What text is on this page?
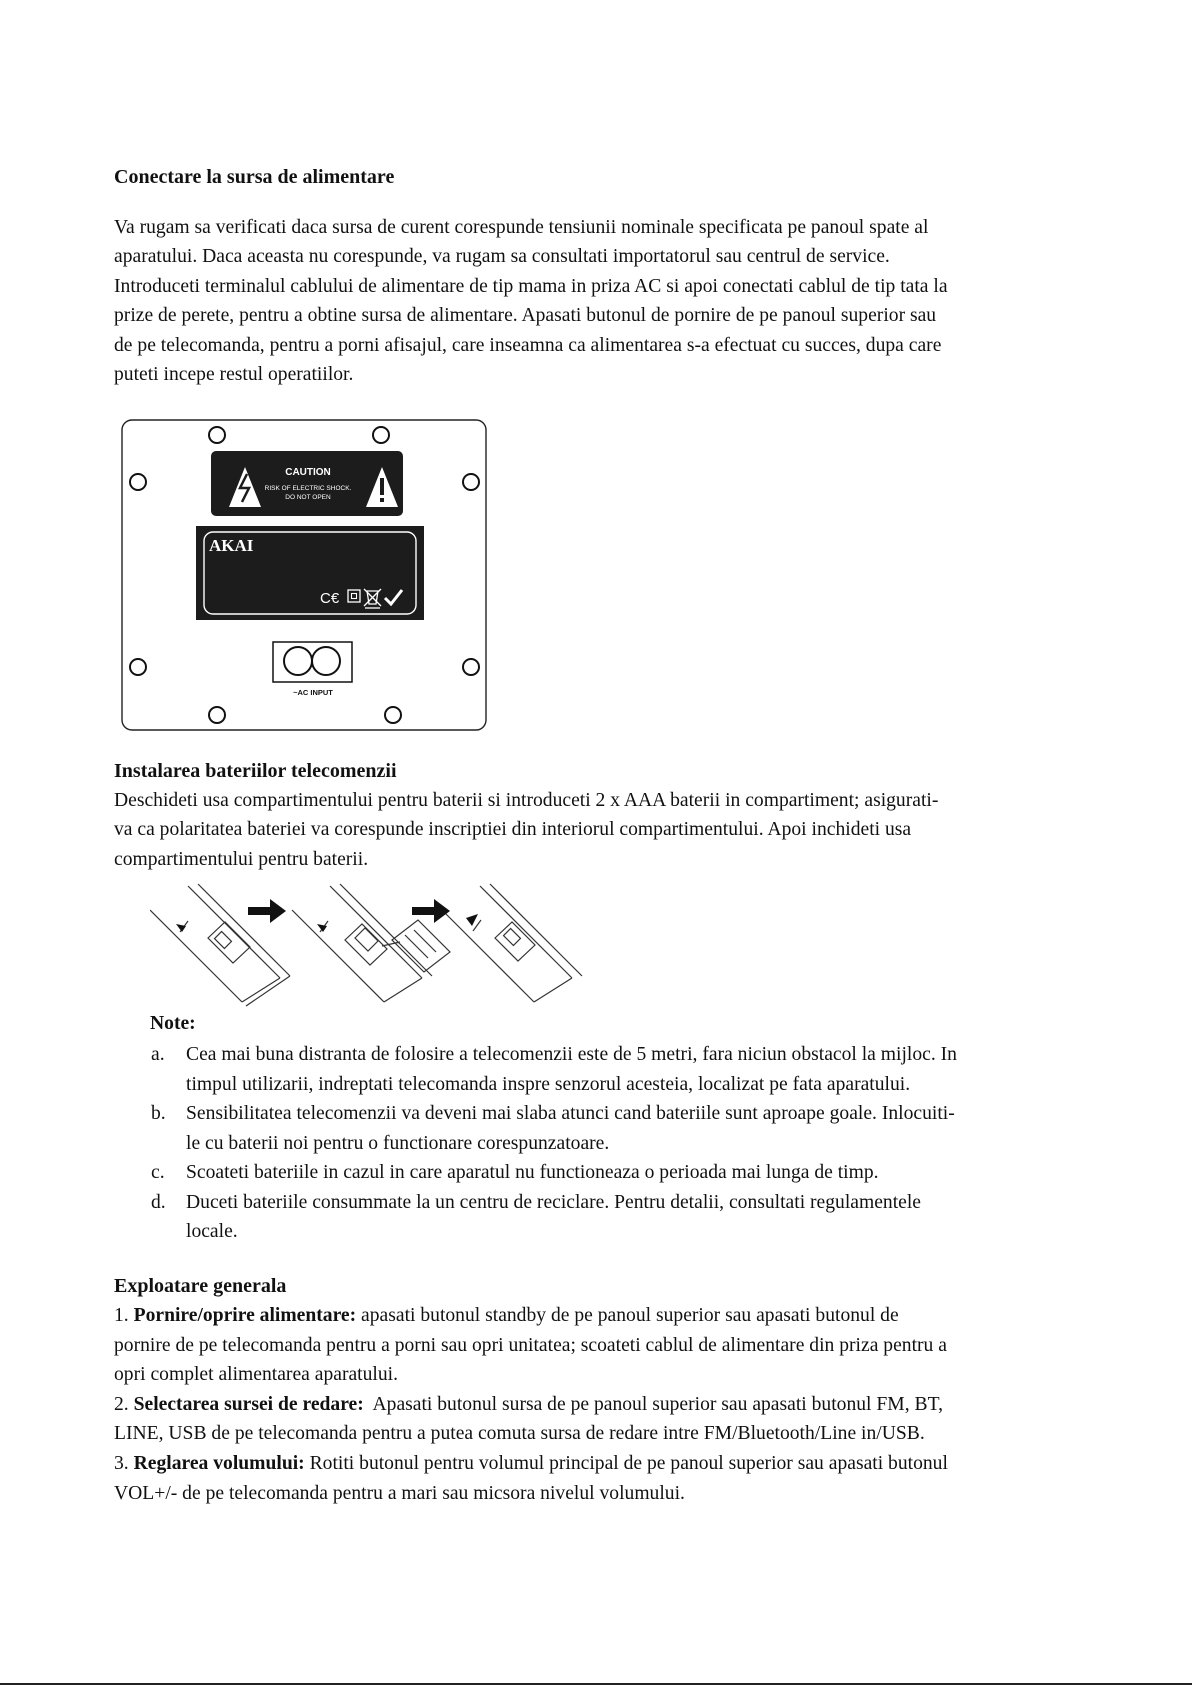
Conectare la sursa de alimentare

Va rugam sa verificati daca sursa de curent corespunde tensiunii nominale specificata pe panoul spate al

aparatului. Daca aceasta nu corespunde, va rugam sa consultati importatorul sau centrul de service.

Introduceti terminalul cablului de alimentare de tip mama in priza AC si apoi conectati cablul de tip tata la

prize de perete, pentru a obtine sursa de alimentare. Apasati butonul de pornire de pe panoul superior sau

de pe telecomanda, pentru a porni afisajul, care inseamna ca alimentarea s-a efectuat cu succes, dupa care

puteti incepe restul operatiilor.

CAUTION
RISK OF ELECTRIC SHOCK.
DO NOT OPEN
AKAI
C€
~AC INPUT
Instalarea bateriilor telecomenzii

Deschideti usa compartimentului pentru baterii si introduceti 2 x AAA baterii in compartiment; asigurati-

va ca polaritatea bateriei va corespunde inscriptiei din interiorul compartimentului. Apoi inchideti usa

compartimentului pentru baterii.

Note:
a. Cea mai buna distranta de folosire a telecomenzii este de 5 metri, fara niciun obstacol la mijloc. In
timpul utilizarii, indreptati telecomanda inspre senzorul acesteia, localizat pe fata aparatului.
b. Sensibilitatea telecomenzii va deveni mai slaba atunci cand bateriile sunt aproape goale. Inlocuiti-
le cu baterii noi pentru o functionare corespunzatoare.
c. Scoateti bateriile in cazul in care aparatul nu functioneaza o perioada mai lunga de timp.
d. Duceti bateriile consummate la un centru de reciclare. Pentru detalii, consultati regulamentele
locale.
Exploatare generala

1. Pornire/oprire alimentare: apasati butonul standby de pe panoul superior sau apasati butonul de

pornire de pe telecomanda pentru a porni sau opri unitatea; scoateti cablul de alimentare din priza pentru a

opri complet alimentarea aparatului.

2. Selectarea sursei de redare:  Apasati butonul sursa de pe panoul superior sau apasati butonul FM, BT,

LINE, USB de pe telecomanda pentru a putea comuta sursa de redare intre FM/Bluetooth/Line in/USB.

3. Reglarea volumului: Rotiti butonul pentru volumul principal de pe panoul superior sau apasati butonul

VOL+/- de pe telecomanda pentru a mari sau micsora nivelul volumului.
